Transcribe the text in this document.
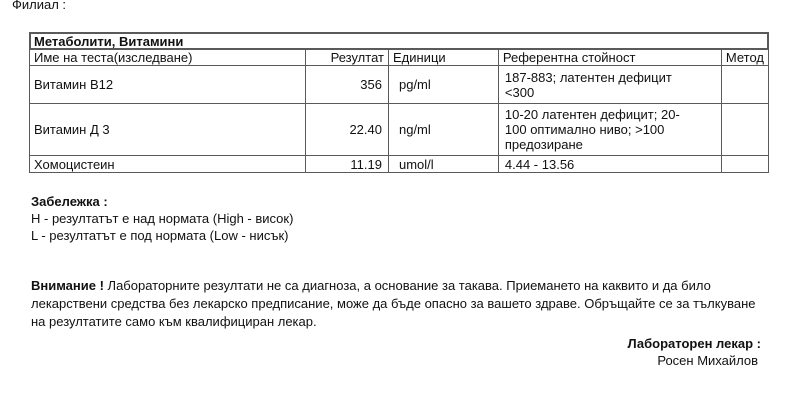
Филиал :
Метаболити, Витамини				
Име на теста(изследване)	Резултат	Единици	Референтна стойност	Метод
Витамин B12	356	pg/ml	187-883; латентен дефицит
<300	

Витамин Д 3	22.40	ng/ml	10-20 латентен дефицит; 20-
100 оптимално ниво; >100
предозиране	

Хомоцистеин	11.19	umol/l	4.44 - 13.56	

Забележка :
H - резултатът е над нормата (High - висок)
L - резултатът е под нормата (Low - нисък)
Внимание ! Лабораторните резултати не са диагноза, а основание за такава. Приемането на каквито и да било лекарствени средства без лекарско предписание, може да бъде опасно за вашето здраве. Обръщайте се за тълкуване на резултатите само към квалифициран лекар.
Лабораторен лекар :
Росен Михайлов
